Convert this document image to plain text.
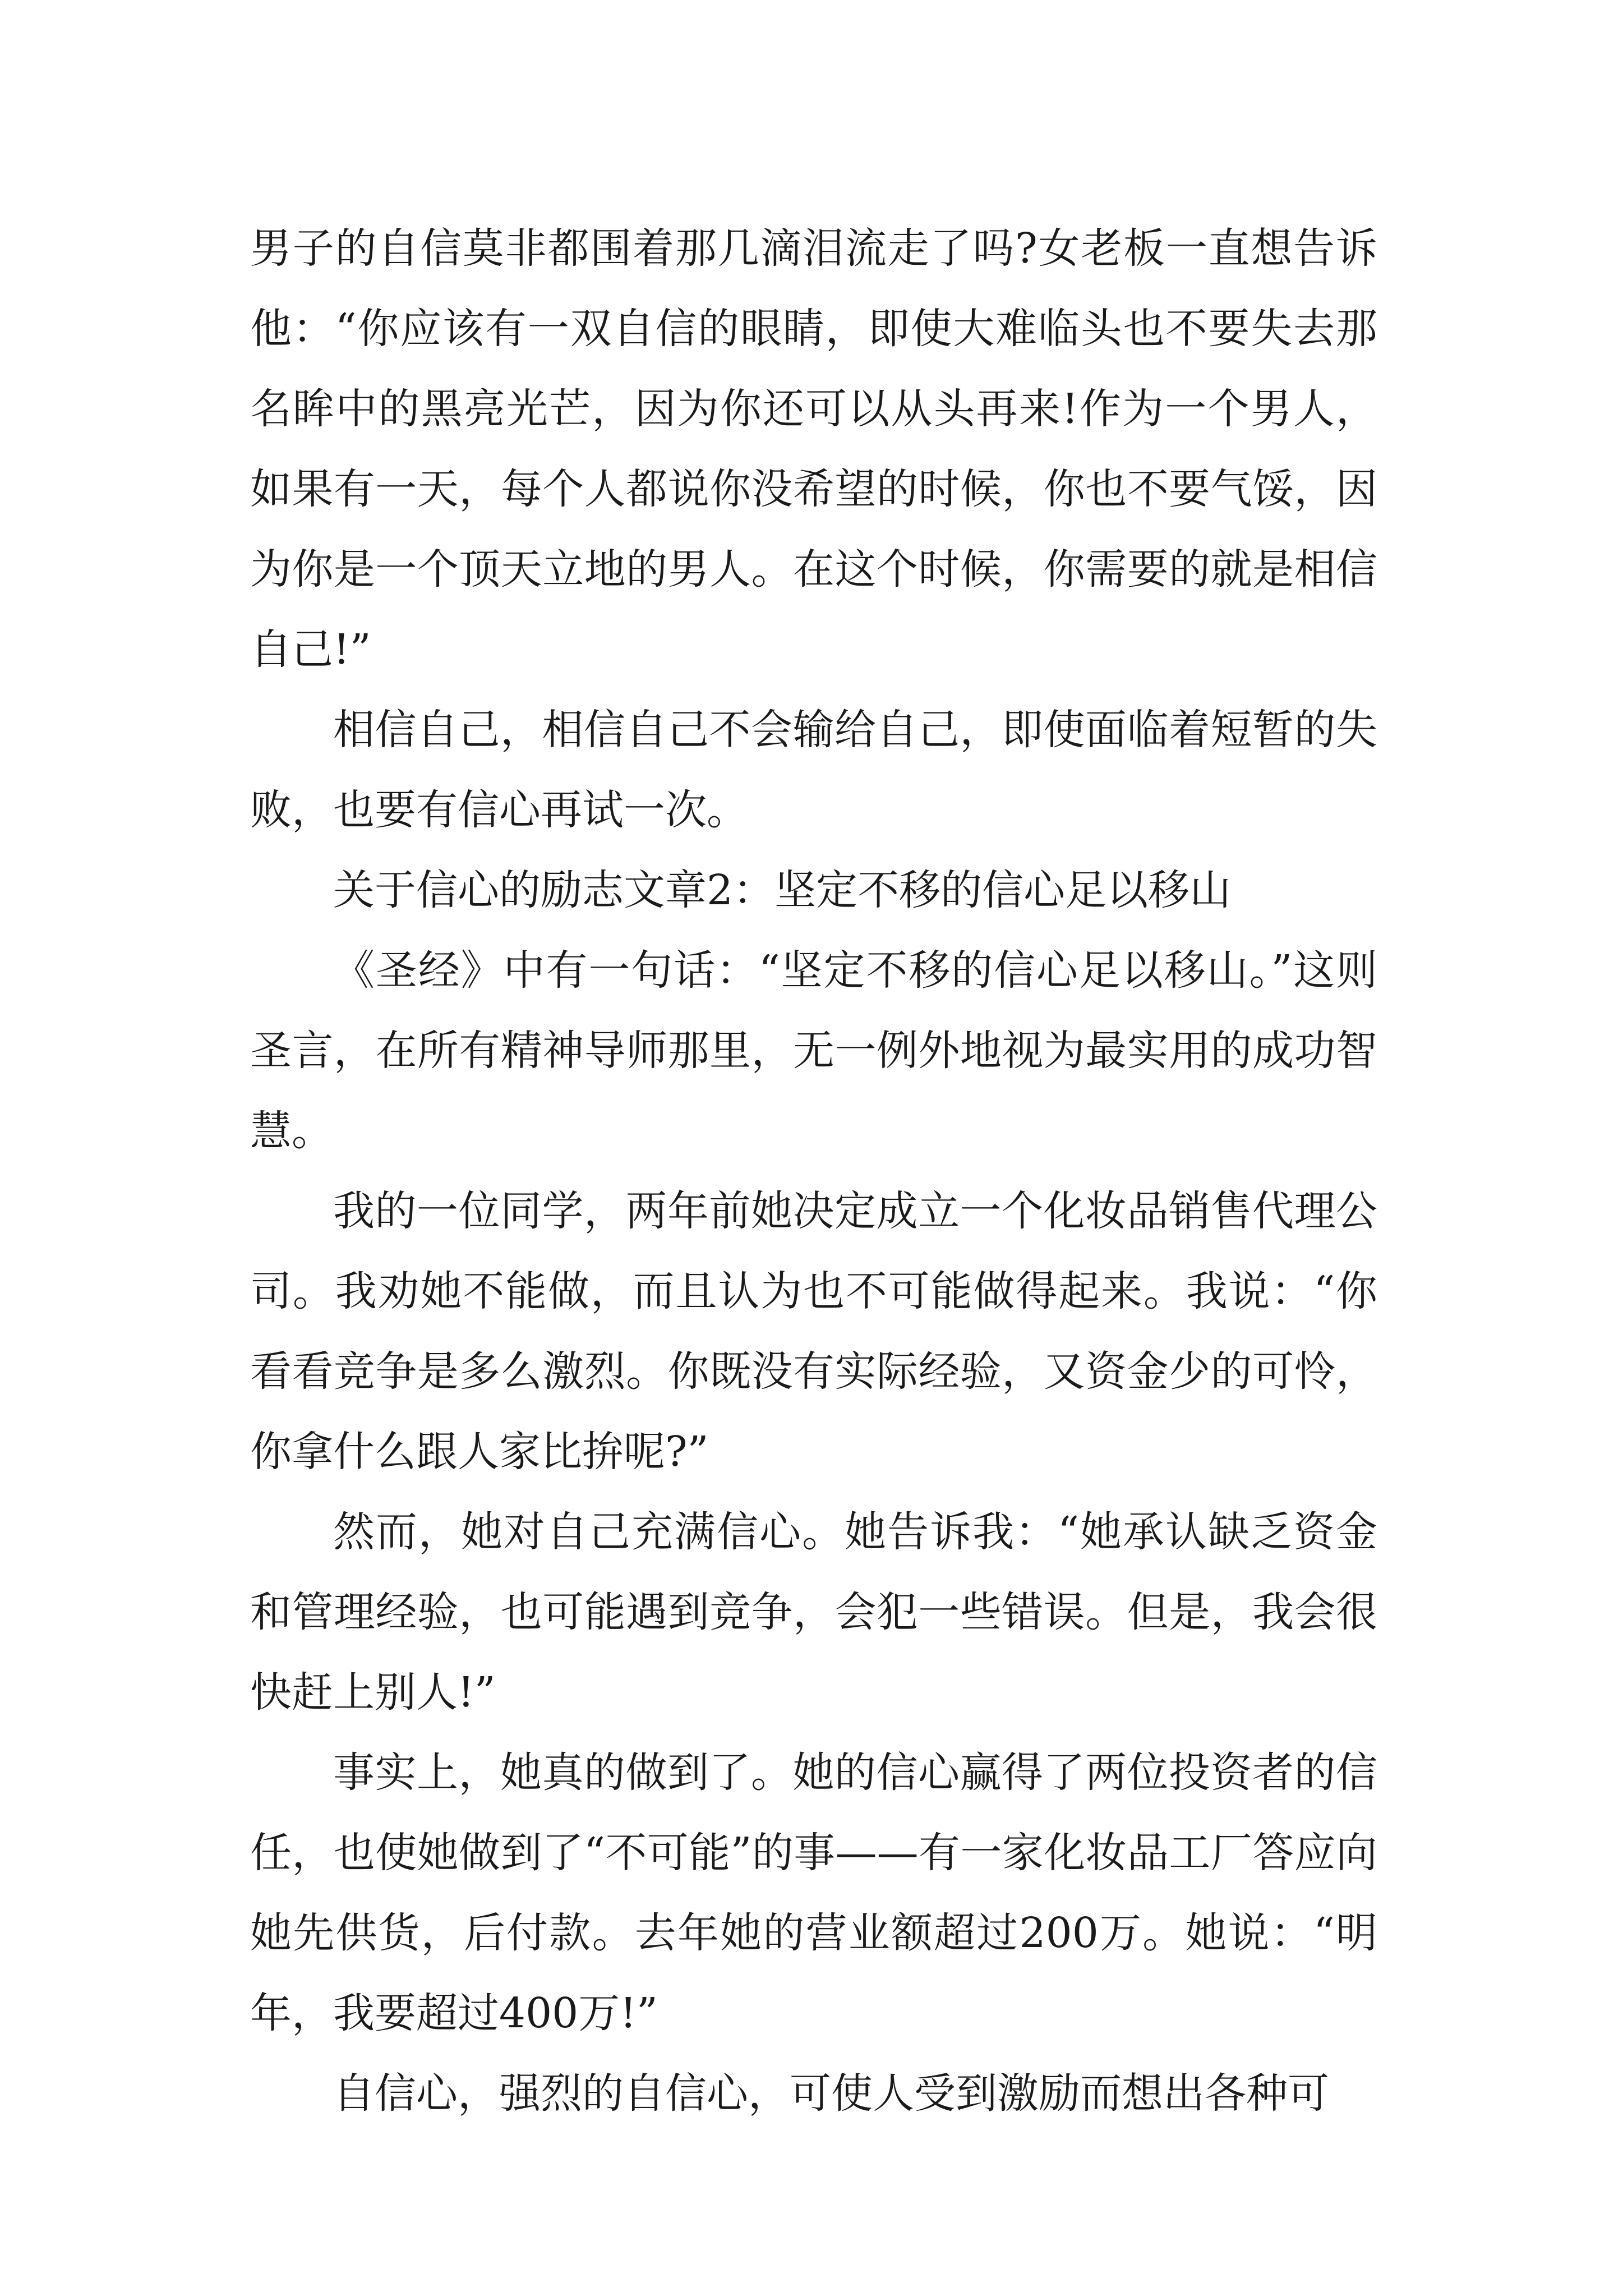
男子的自信莫非都围着那几滴泪流走了吗?女老板一直想告诉他：“你应该有一双自信的眼睛，即使大难临头也不要失去那名眸中的黑亮光芒，因为你还可以从头再来!作为一个男人，如果有一天，每个人都说你没希望的时候，你也不要气馁，因为你是一个顶天立地的男人。在这个时候，你需要的就是相信自己!”

相信自己，相信自己不会输给自己，即使面临着短暂的失败，也要有信心再试一次。

关于信心的励志文章2：坚定不移的信心足以移山

《圣经》中有一句话：“坚定不移的信心足以移山。”这则圣言，在所有精神导师那里，无一例外地视为最实用的成功智慧。

我的一位同学，两年前她决定成立一个化妆品销售代理公司。我劝她不能做，而且认为也不可能做得起来。我说：“你看看竞争是多么激烈。你既没有实际经验，又资金少的可怜，你拿什么跟人家比拚呢?”

然而，她对自己充满信心。她告诉我：“她承认缺乏资金和管理经验，也可能遇到竞争，会犯一些错误。但是，我会很快赶上别人!”

事实上，她真的做到了。她的信心赢得了两位投资者的信任，也使她做到了“不可能”的事——有一家化妆品工厂答应向她先供货，后付款。去年她的营业额超过200万。她说：“明年，我要超过400万!”

自信心，强烈的自信心，可使人受到激励而想出各种可
